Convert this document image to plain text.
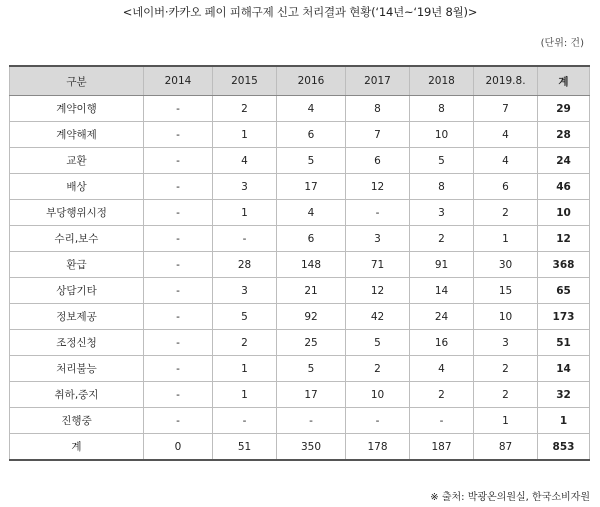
<네이버·카카오 페이 피해구제 신고 처리결과 현황(‘14년~‘19년 8월)>
(단위: 건)
구분	2014	2015	2016	2017	2018	2019.8.	계
계약이행	-	2	4	8	8	7	29
계약해제	-	1	6	7	10	4	28
교환	-	4	5	6	5	4	24
배상	-	3	17	12	8	6	46
부당행위시정	-	1	4	-	3	2	10
수리,보수	-	-	6	3	2	1	12
환급	-	28	148	71	91	30	368
상담기타	-	3	21	12	14	15	65
정보제공	-	5	92	42	24	10	173
조정신청	-	2	25	5	16	3	51
처리불능	-	1	5	2	4	2	14
취하,중지	-	1	17	10	2	2	32
진행중	-	-	-	-	-	1	1
계	0	51	350	178	187	87	853
※ 출처: 박광온의원실, 한국소비자원
